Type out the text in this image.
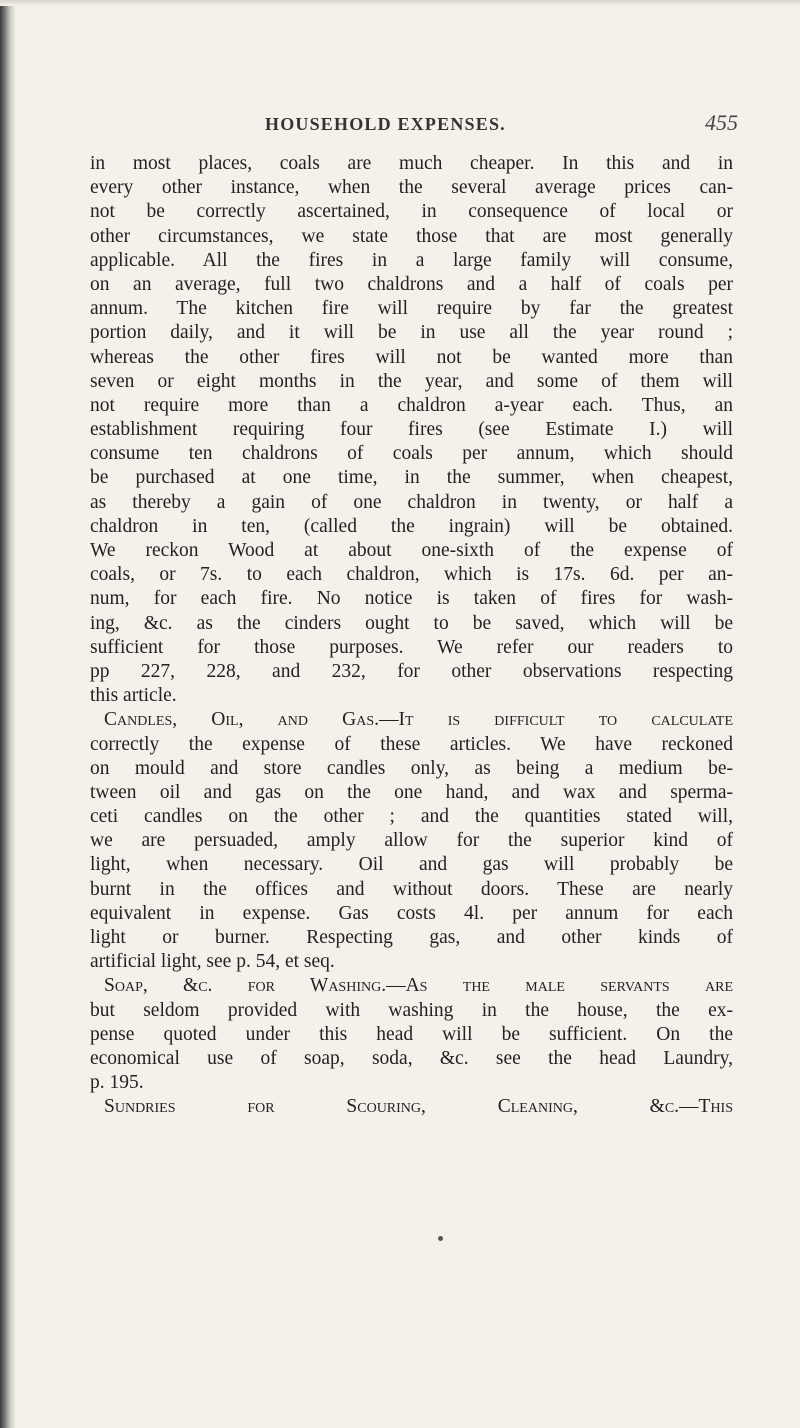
HOUSEHOLD EXPENSES.	455
in most places, coals are much cheaper. In this and in
every other instance, when the several average prices can-
not be correctly ascertained, in consequence of local or
other circumstances, we state those that are most generally
applicable. All the fires in a large family will consume,
on an average, full two chaldrons and a half of coals per
annum. The kitchen fire will require by far the greatest
portion daily, and it will be in use all the year round ;
whereas the other fires will not be wanted more than
seven or eight months in the year, and some of them will
not require more than a chaldron a-year each. Thus, an
establishment requiring four fires (see Estimate I.) will
consume ten chaldrons of coals per annum, which should
be purchased at one time, in the summer, when cheapest,
as thereby a gain of one chaldron in twenty, or half a
chaldron in ten, (called the ingrain) will be obtained.
We reckon Wood at about one-sixth of the expense of
coals, or 7s. to each chaldron, which is 17s. 6d. per an-
num, for each fire. No notice is taken of fires for wash-
ing, &c. as the cinders ought to be saved, which will be
sufficient for those purposes. We refer our readers to
pp 227, 228, and 232, for other observations respecting
this article.
Candles, Oil, and Gas.—It is difficult to calculate
correctly the expense of these articles. We have reckoned
on mould and store candles only, as being a medium be-
tween oil and gas on the one hand, and wax and sperma-
ceti candles on the other ; and the quantities stated will,
we are persuaded, amply allow for the superior kind of
light, when necessary. Oil and gas will probably be
burnt in the offices and without doors. These are nearly
equivalent in expense. Gas costs 4l. per annum for each
light or burner. Respecting gas, and other kinds of
artificial light, see p. 54, et seq.
Soap, &c. for Washing.—As the male servants are
but seldom provided with washing in the house, the ex-
pense quoted under this head will be sufficient. On the
economical use of soap, soda, &c. see the head Laundry,
p. 195.
Sundries for Scouring, Cleaning, &c.—This
